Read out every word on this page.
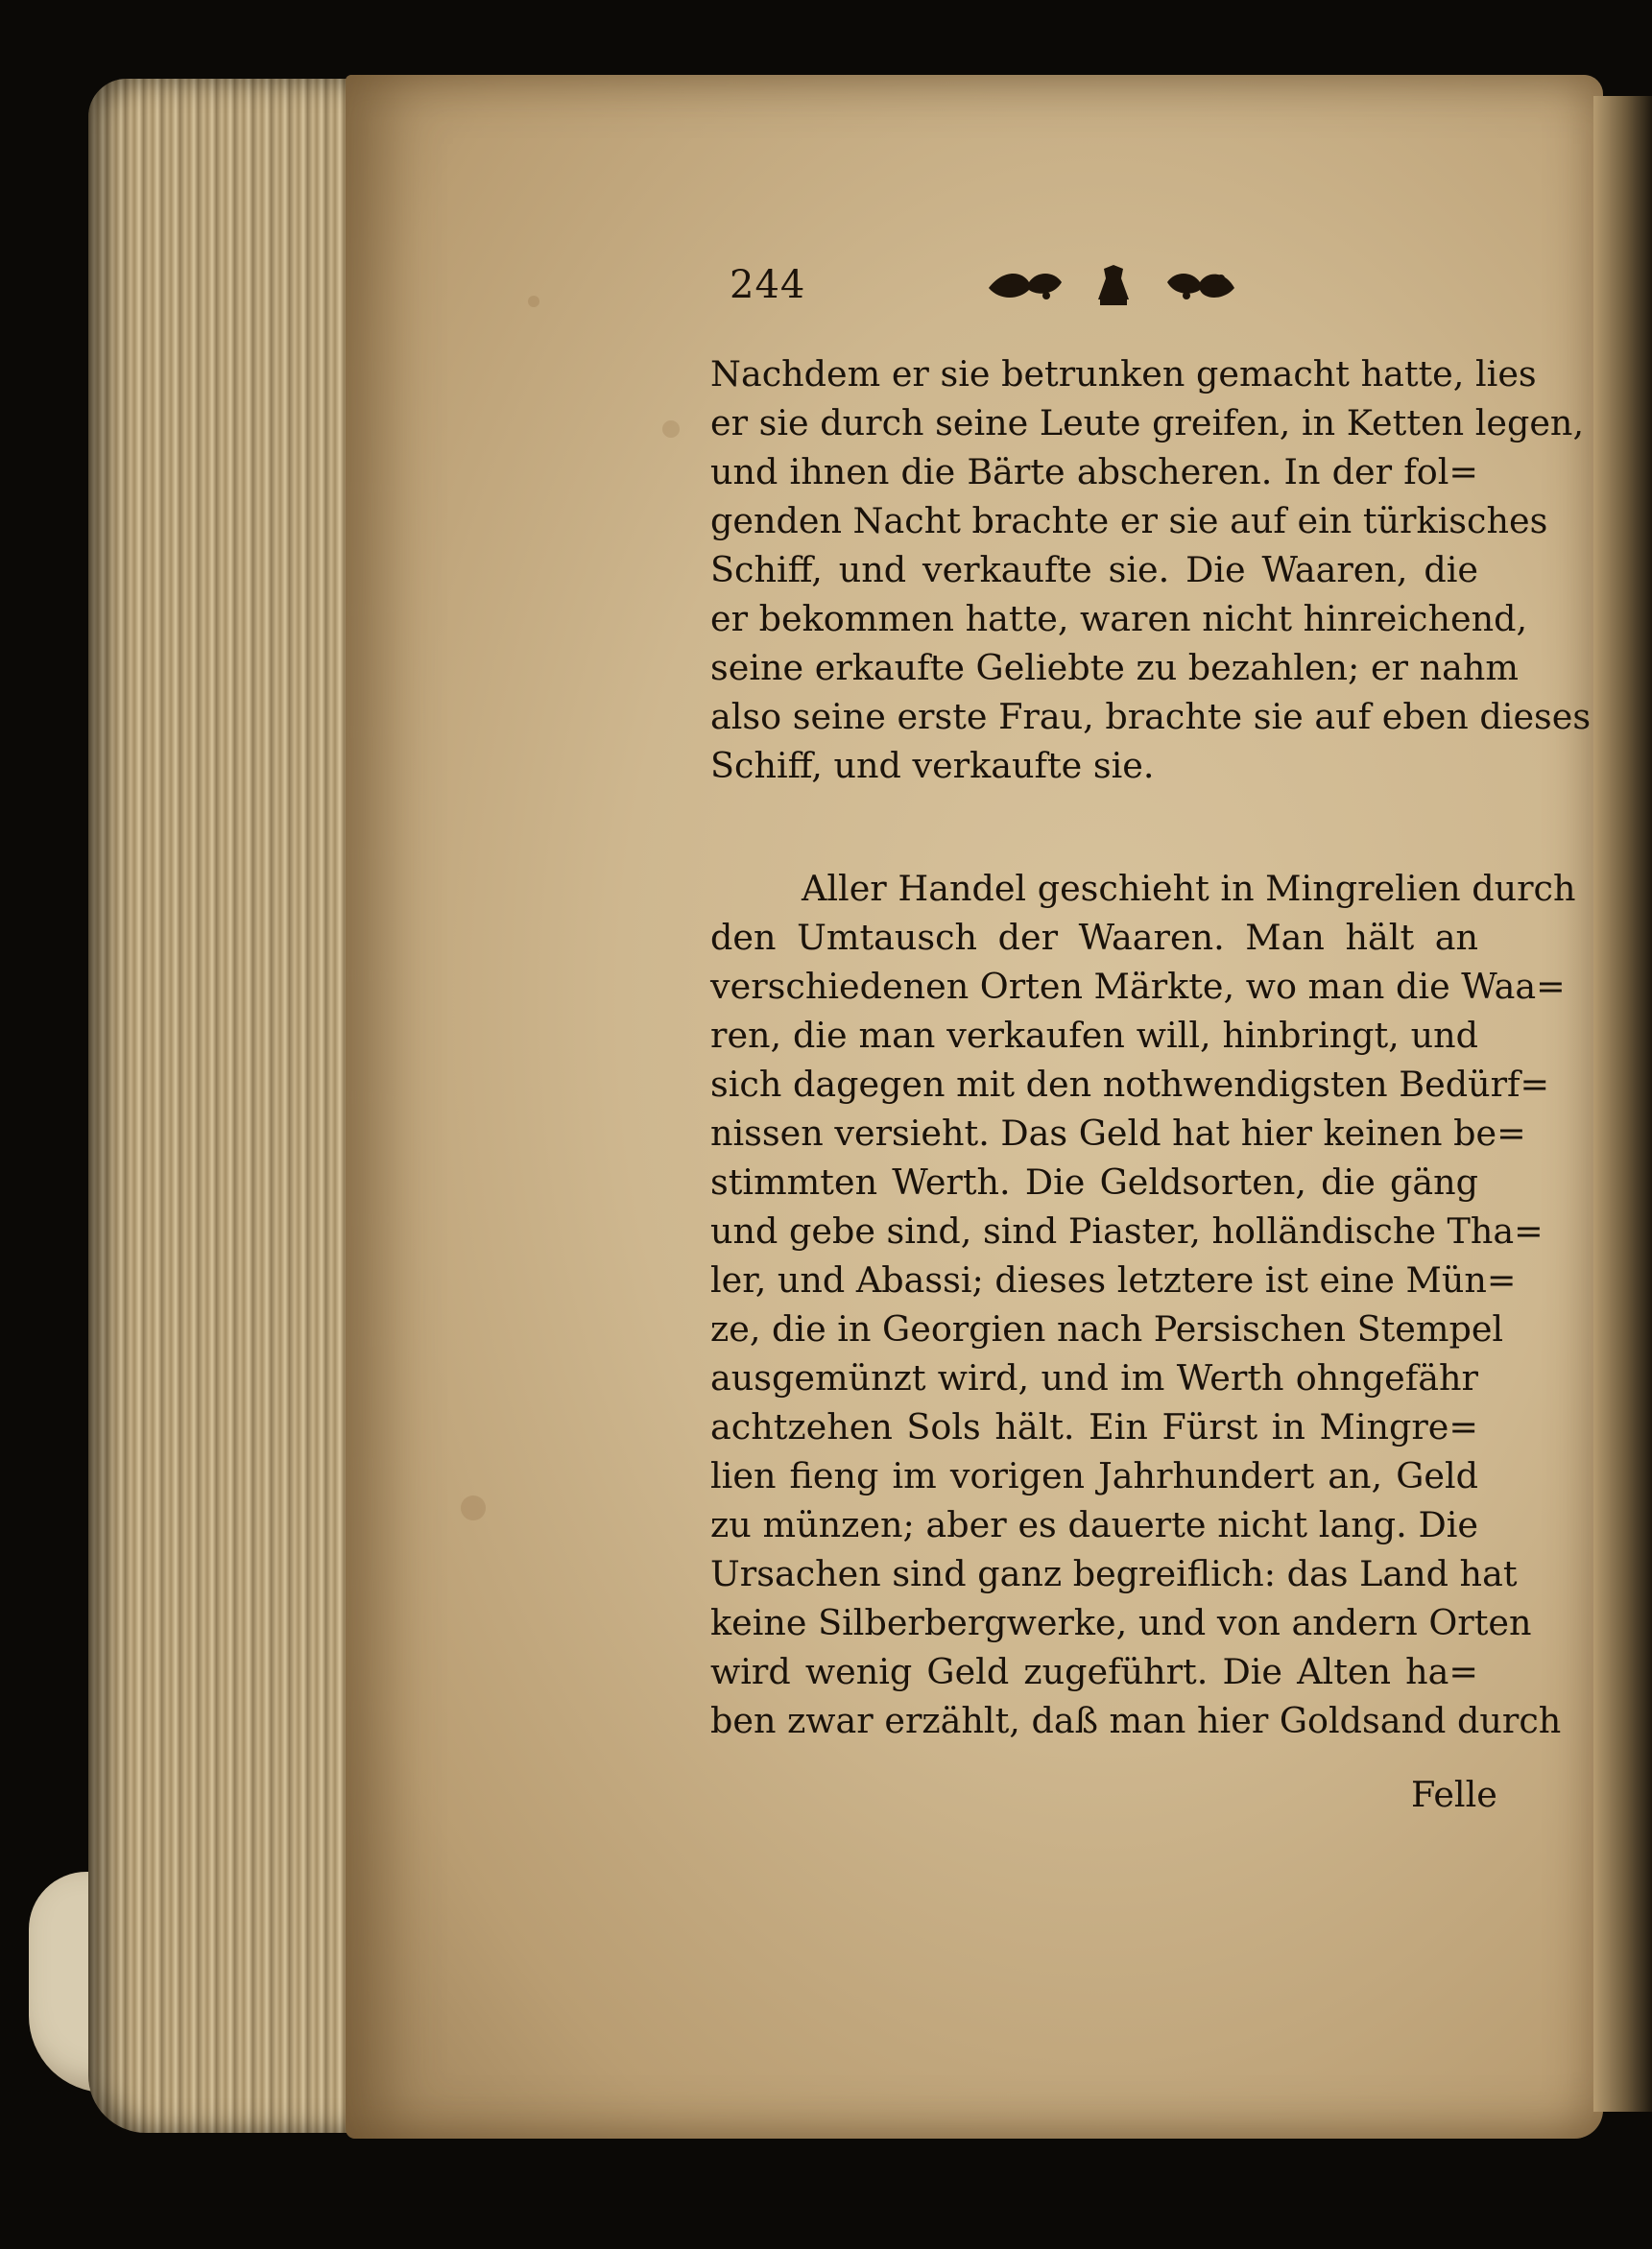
244
Nachdem er sie betrunken gemacht hatte, lies
er sie durch seine Leute greifen, in Ketten legen,
und ihnen die Bärte abscheren. In der fol=
genden Nacht brachte er sie auf ein türkisches
Schiff, und verkaufte sie. Die Waaren, die
er bekommen hatte, waren nicht hinreichend,
seine erkaufte Geliebte zu bezahlen; er nahm
also seine erste Frau, brachte sie auf eben dieses
Schiff, und verkaufte sie.
Aller Handel geschieht in Mingrelien durch
den Umtausch der Waaren. Man hält an
verschiedenen Orten Märkte, wo man die Waa=
ren, die man verkaufen will, hinbringt, und
sich dagegen mit den nothwendigsten Bedürf=
nissen versieht. Das Geld hat hier keinen be=
stimmten Werth. Die Geldsorten, die gäng
und gebe sind, sind Piaster, holländische Tha=
ler, und Abassi; dieses letztere ist eine Mün=
ze, die in Georgien nach Persischen Stempel
ausgemünzt wird, und im Werth ohngefähr
achtzehen Sols hält. Ein Fürst in Mingre=
lien fieng im vorigen Jahrhundert an, Geld
zu münzen; aber es dauerte nicht lang. Die
Ursachen sind ganz begreiflich: das Land hat
keine Silberbergwerke, und von andern Orten
wird wenig Geld zugeführt. Die Alten ha=
ben zwar erzählt, daß man hier Goldsand durch
Felle
